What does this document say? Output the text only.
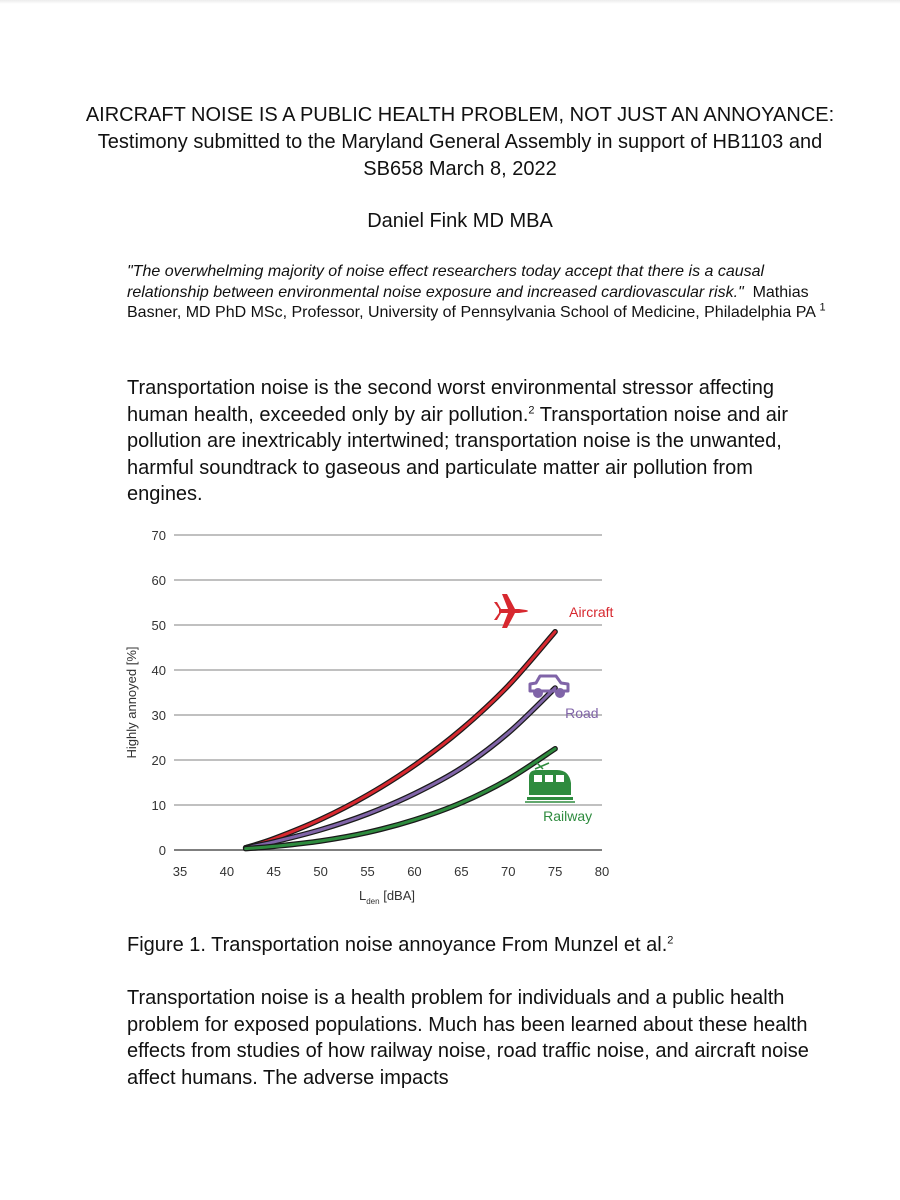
AIRCRAFT NOISE IS A PUBLIC HEALTH PROBLEM, NOT JUST AN ANNOYANCE: Testimony submitted to the Maryland General Assembly in support of HB1103 and SB658 March 8, 2022
Daniel Fink MD MBA
"The overwhelming majority of noise effect researchers today accept that there is a causal relationship between environmental noise exposure and increased cardiovascular risk." Mathias Basner, MD PhD MSc, Professor, University of Pennsylvania School of Medicine, Philadelphia PA $^1$
Transportation noise is the second worst environmental stressor affecting human health, exceeded only by air pollution.$^2$ Transportation noise and air pollution are inextricably intertwined; transportation noise is the unwanted, harmful soundtrack to gaseous and particulate matter air pollution from engines.
0
10
20
30
40
50
60
70
35 40 45 50 55 60 65 70 75 80
$L_{den}$ [dBA]
Highly annoyed [%]
Aircraft
Road
Railway
Figure 1. Transportation noise annoyance From Munzel et al.$^2$
Transportation noise is a health problem for individuals and a public health problem for exposed populations. Much has been learned about these health effects from studies of how railway noise, road traffic noise, and aircraft noise affect humans. The adverse impacts
